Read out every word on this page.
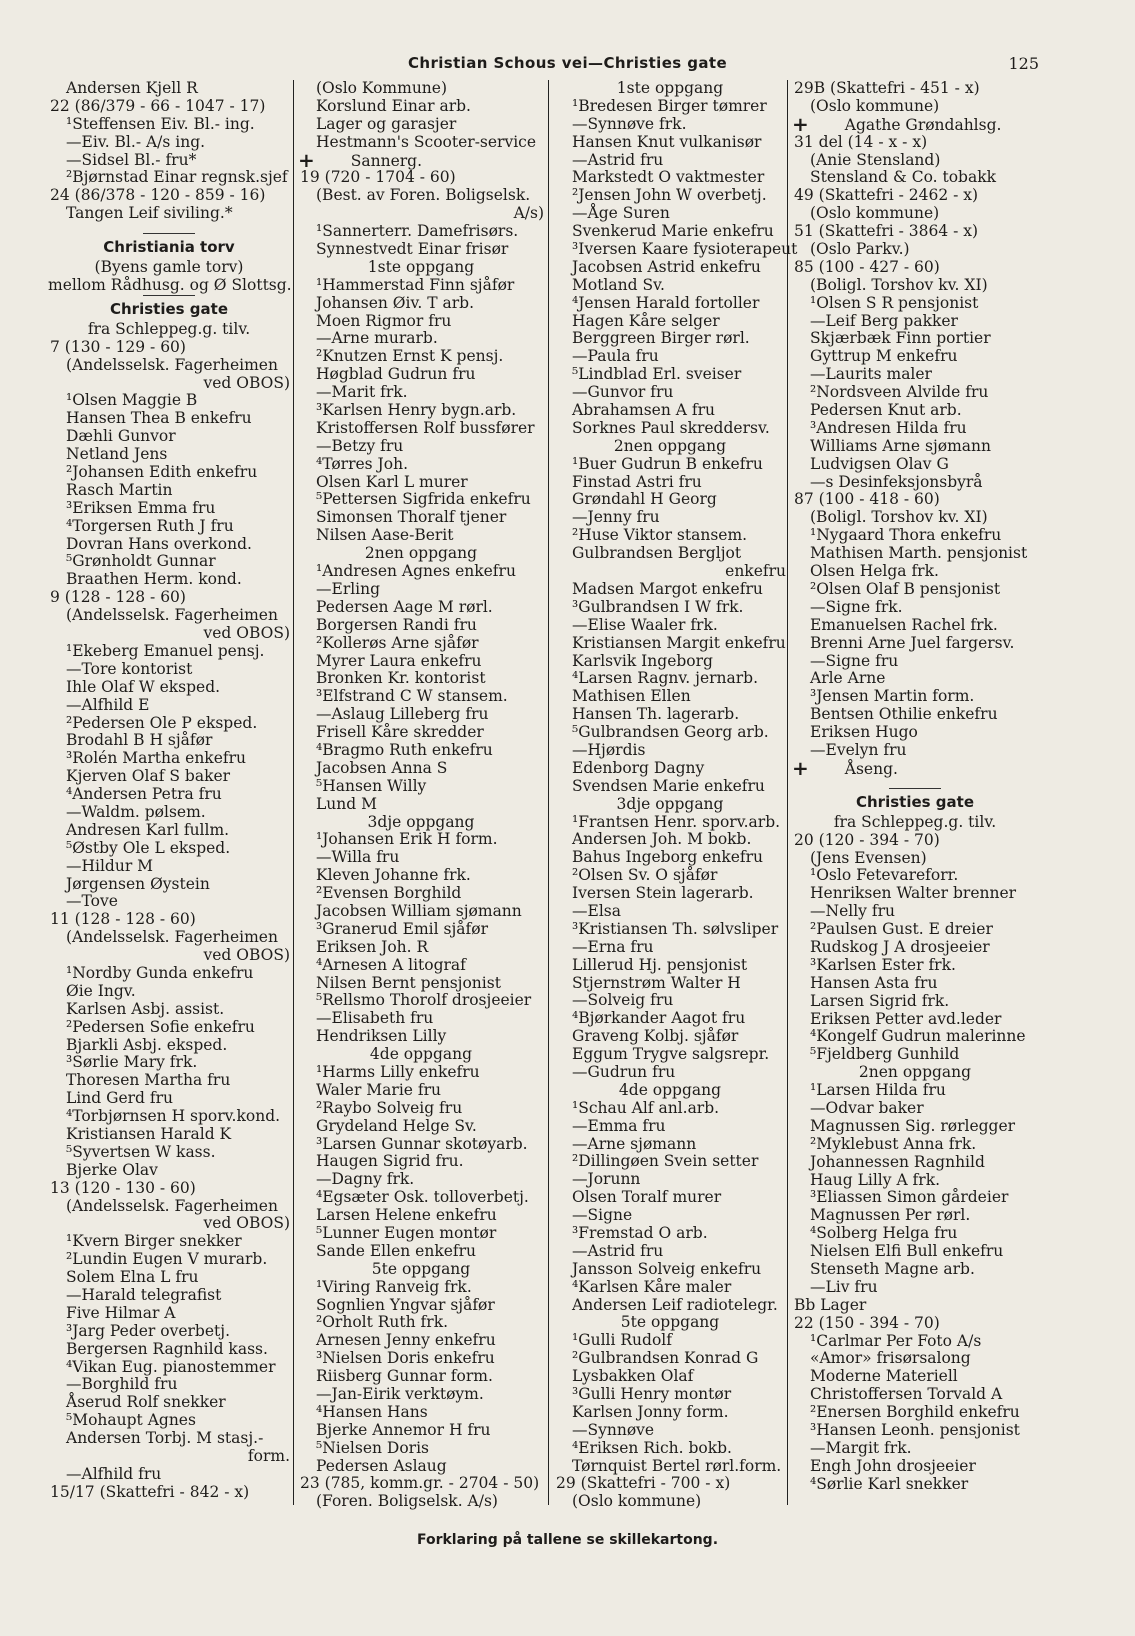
Christian Schous vei—Christies gate	125
Andersen Kjell R
22 (86/379 - 66 - 1047 - 17)
¹Steffensen Eiv. Bl.- ing.
—Eiv. Bl.- A/s ing.
—Sidsel Bl.- fru*
²Bjørnstad Einar regnsk.sjef
24 (86/378 - 120 - 859 - 16)
Tangen Leif siviling.*
Christiania torv
(Byens gamle torv)
mellom Rådhusg. og Ø Slottsg.
Christies gate
fra Schleppeg.g. tilv.
7 (130 - 129 - 60)
(Andelsselsk. Fagerheimen
ved OBOS)
¹Olsen Maggie B
Hansen Thea B enkefru
Dæhli Gunvor
Netland Jens
²Johansen Edith enkefru
Rasch Martin
³Eriksen Emma fru
⁴Torgersen Ruth J fru
Dovran Hans overkond.
⁵Grønholdt Gunnar
Braathen Herm. kond.
9 (128 - 128 - 60)
(Andelsselsk. Fagerheimen
ved OBOS)
¹Ekeberg Emanuel pensj.
—Tore kontorist
Ihle Olaf W eksped.
—Alfhild E
²Pedersen Ole P eksped.
Brodahl B H sjåfør
³Rolén Martha enkefru
Kjerven Olaf S baker
⁴Andersen Petra fru
—Waldm. pølsem.
Andresen Karl fullm.
⁵Østby Ole L eksped.
—Hildur M
Jørgensen Øystein
—Tove
11 (128 - 128 - 60)
(Andelsselsk. Fagerheimen
ved OBOS)
¹Nordby Gunda enkefru
Øie Ingv.
Karlsen Asbj. assist.
²Pedersen Sofie enkefru
Bjarkli Asbj. eksped.
³Sørlie Mary frk.
Thoresen Martha fru
Lind Gerd fru
⁴Torbjørnsen H sporv.kond.
Kristiansen Harald K
⁵Syvertsen W kass.
Bjerke Olav
13 (120 - 130 - 60)
(Andelsselsk. Fagerheimen
ved OBOS)
¹Kvern Birger snekker
²Lundin Eugen V murarb.
Solem Elna L fru
—Harald telegrafist
Five Hilmar A
³Jarg Peder overbetj.
Bergersen Ragnhild kass.
⁴Vikan Eug. pianostemmer
—Borghild fru
Åserud Rolf snekker
⁵Mohaupt Agnes
Andersen Torbj. M stasj.-
form.
—Alfhild fru
15/17 (Skattefri - 842 - x)
(Oslo Kommune)
Korslund Einar arb.
Lager og garasjer
Hestmann's Scooter-service
+ Sannerg.
19 (720 - 1704 - 60)
(Best. av Foren. Boligselsk.
A/s)
¹Sannerterr. Damefrisørs.
Synnestvedt Einar frisør
1ste oppgang
¹Hammerstad Finn sjåfør
Johansen Øiv. T arb.
Moen Rigmor fru
—Arne murarb.
²Knutzen Ernst K pensj.
Høgblad Gudrun fru
—Marit frk.
³Karlsen Henry bygn.arb.
Kristoffersen Rolf bussfører
—Betzy fru
⁴Tørres Joh.
Olsen Karl L murer
⁵Pettersen Sigfrida enkefru
Simonsen Thoralf tjener
Nilsen Aase-Berit
2nen oppgang
¹Andresen Agnes enkefru
—Erling
Pedersen Aage M rørl.
Borgersen Randi fru
²Kollerøs Arne sjåfør
Myrer Laura enkefru
Bronken Kr. kontorist
³Elfstrand C W stansem.
—Aslaug Lilleberg fru
Frisell Kåre skredder
⁴Bragmo Ruth enkefru
Jacobsen Anna S
⁵Hansen Willy
Lund M
3dje oppgang
¹Johansen Erik H form.
—Willa fru
Kleven Johanne frk.
²Evensen Borghild
Jacobsen William sjømann
³Granerud Emil sjåfør
Eriksen Joh. R
⁴Arnesen A litograf
Nilsen Bernt pensjonist
⁵Rellsmo Thorolf drosjeeier
—Elisabeth fru
Hendriksen Lilly
4de oppgang
¹Harms Lilly enkefru
Waler Marie fru
²Raybo Solveig fru
Grydeland Helge Sv.
³Larsen Gunnar skotøyarb.
Haugen Sigrid fru.
—Dagny frk.
⁴Egsæter Osk. tolloverbetj.
Larsen Helene enkefru
⁵Lunner Eugen montør
Sande Ellen enkefru
5te oppgang
¹Viring Ranveig frk.
Sognlien Yngvar sjåfør
²Orholt Ruth frk.
Arnesen Jenny enkefru
³Nielsen Doris enkefru
Riisberg Gunnar form.
—Jan-Eirik verktøym.
⁴Hansen Hans
Bjerke Annemor H fru
⁵Nielsen Doris
Pedersen Aslaug
23 (785, komm.gr. - 2704 - 50)
(Foren. Boligselsk. A/s)
1ste oppgang
¹Bredesen Birger tømrer
—Synnøve frk.
Hansen Knut vulkanisør
—Astrid fru
Markstedt O vaktmester
²Jensen John W overbetj.
—Åge Suren
Svenkerud Marie enkefru
³Iversen Kaare fysioterapeut
Jacobsen Astrid enkefru
Motland Sv.
⁴Jensen Harald fortoller
Hagen Kåre selger
Berggreen Birger rørl.
—Paula fru
⁵Lindblad Erl. sveiser
—Gunvor fru
Abrahamsen A fru
Sorknes Paul skreddersv.
2nen oppgang
¹Buer Gudrun B enkefru
Finstad Astri fru
Grøndahl H Georg
—Jenny fru
²Huse Viktor stansem.
Gulbrandsen Bergljot
enkefru
Madsen Margot enkefru
³Gulbrandsen I W frk.
—Elise Waaler frk.
Kristiansen Margit enkefru
Karlsvik Ingeborg
⁴Larsen Ragnv. jernarb.
Mathisen Ellen
Hansen Th. lagerarb.
⁵Gulbrandsen Georg arb.
—Hjørdis
Edenborg Dagny
Svendsen Marie enkefru
3dje oppgang
¹Frantsen Henr. sporv.arb.
Andersen Joh. M bokb.
Bahus Ingeborg enkefru
²Olsen Sv. O sjåfør
Iversen Stein lagerarb.
—Elsa
³Kristiansen Th. sølvsliper
—Erna fru
Lillerud Hj. pensjonist
Stjernstrøm Walter H
—Solveig fru
⁴Bjørkander Aagot fru
Graveng Kolbj. sjåfør
Eggum Trygve salgsrepr.
—Gudrun fru
4de oppgang
¹Schau Alf anl.arb.
—Emma fru
—Arne sjømann
²Dillingøen Svein setter
—Jorunn
Olsen Toralf murer
—Signe
³Fremstad O arb.
—Astrid fru
Jansson Solveig enkefru
⁴Karlsen Kåre maler
Andersen Leif radiotelegr.
5te oppgang
¹Gulli Rudolf
²Gulbrandsen Konrad G
Lysbakken Olaf
³Gulli Henry montør
Karlsen Jonny form.
—Synnøve
⁴Eriksen Rich. bokb.
Tørnquist Bertel rørl.form.
29 (Skattefri - 700 - x)
(Oslo kommune)
29B (Skattefri - 451 - x)
(Oslo kommune)
+ Agathe Grøndahlsg.
31 del (14 - x - x)
(Anie Stensland)
Stensland & Co. tobakk
49 (Skattefri - 2462 - x)
(Oslo kommune)
51 (Skattefri - 3864 - x)
(Oslo Parkv.)
85 (100 - 427 - 60)
(Boligl. Torshov kv. XI)
¹Olsen S R pensjonist
—Leif Berg pakker
Skjærbæk Finn portier
Gyttrup M enkefru
—Laurits maler
²Nordsveen Alvilde fru
Pedersen Knut arb.
³Andresen Hilda fru
Williams Arne sjømann
Ludvigsen Olav G
—s Desinfeksjonsbyrå
87 (100 - 418 - 60)
(Boligl. Torshov kv. XI)
¹Nygaard Thora enkefru
Mathisen Marth. pensjonist
Olsen Helga frk.
²Olsen Olaf B pensjonist
—Signe frk.
Emanuelsen Rachel frk.
Brenni Arne Juel fargersv.
—Signe fru
Arle Arne
³Jensen Martin form.
Bentsen Othilie enkefru
Eriksen Hugo
—Evelyn fru
+ Åseng.
Christies gate
fra Schleppeg.g. tilv.
20 (120 - 394 - 70)
(Jens Evensen)
¹Oslo Fetevareforr.
Henriksen Walter brenner
—Nelly fru
²Paulsen Gust. E dreier
Rudskog J A drosjeeier
³Karlsen Ester frk.
Hansen Asta fru
Larsen Sigrid frk.
Eriksen Petter avd.leder
⁴Kongelf Gudrun malerinne
⁵Fjeldberg Gunhild
2nen oppgang
¹Larsen Hilda fru
—Odvar baker
Magnussen Sig. rørlegger
²Myklebust Anna frk.
Johannessen Ragnhild
Haug Lilly A frk.
³Eliassen Simon gårdeier
Magnussen Per rørl.
⁴Solberg Helga fru
Nielsen Elfi Bull enkefru
Stenseth Magne arb.
—Liv fru
Bb Lager
22 (150 - 394 - 70)
¹Carlmar Per Foto A/s
«Amor» frisørsalong
Moderne Materiell
Christoffersen Torvald A
²Enersen Borghild enkefru
³Hansen Leonh. pensjonist
—Margit frk.
Engh John drosjeeier
⁴Sørlie Karl snekker
Forklaring på tallene se skillekartong.
